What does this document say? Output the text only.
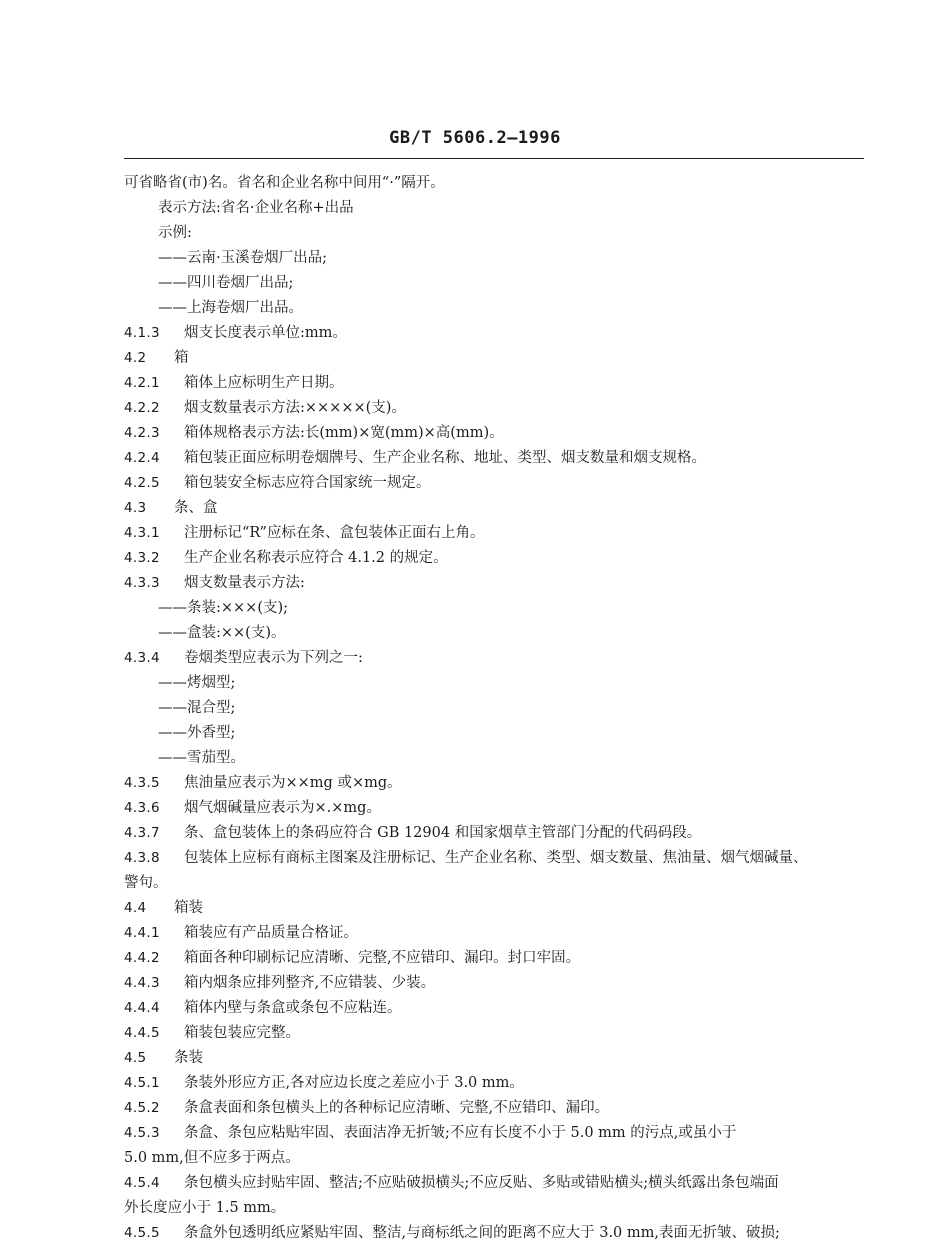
GB/T 5606.2—1996
可省略省(市)名。省名和企业名称中间用“·”隔开。
表示方法:省名·企业名称+出品
示例:
——云南·玉溪卷烟厂出品;
——四川卷烟厂出品;
——上海卷烟厂出品。
4.1.3 烟支长度表示单位:mm。
4.2 箱
4.2.1 箱体上应标明生产日期。
4.2.2 烟支数量表示方法:×××××(支)。
4.2.3 箱体规格表示方法:长(mm)×宽(mm)×高(mm)。
4.2.4 箱包装正面应标明卷烟牌号、生产企业名称、地址、类型、烟支数量和烟支规格。
4.2.5 箱包装安全标志应符合国家统一规定。
4.3 条、盒
4.3.1 注册标记“R”应标在条、盒包装体正面右上角。
4.3.2 生产企业名称表示应符合 4.1.2 的规定。
4.3.3 烟支数量表示方法:
——条装:×××(支);
——盒装:××(支)。
4.3.4 卷烟类型应表示为下列之一:
——烤烟型;
——混合型;
——外香型;
——雪茄型。
4.3.5 焦油量应表示为××mg 或×mg。
4.3.6 烟气烟碱量应表示为×.×mg。
4.3.7 条、盒包装体上的条码应符合 GB 12904 和国家烟草主管部门分配的代码码段。
4.3.8 包装体上应标有商标主图案及注册标记、生产企业名称、类型、烟支数量、焦油量、烟气烟碱量、
警句。
4.4 箱装
4.4.1 箱装应有产品质量合格证。
4.4.2 箱面各种印刷标记应清晰、完整,不应错印、漏印。封口牢固。
4.4.3 箱内烟条应排列整齐,不应错装、少装。
4.4.4 箱体内壁与条盒或条包不应粘连。
4.4.5 箱装包装应完整。
4.5 条装
4.5.1 条装外形应方正,各对应边长度之差应小于 3.0 mm。
4.5.2 条盒表面和条包横头上的各种标记应清晰、完整,不应错印、漏印。
4.5.3 条盒、条包应粘贴牢固、表面洁净无折皱;不应有长度不小于 5.0 mm 的污点,或虽小于
5.0 mm,但不应多于两点。
4.5.4 条包横头应封贴牢固、整洁;不应贴破损横头;不应反贴、多贴或错贴横头;横头纸露出条包端面
外长度应小于 1.5 mm。
4.5.5 条盒外包透明纸应紧贴牢固、整洁,与商标纸之间的距离不应大于 3.0 mm,表面无折皱、破损;
